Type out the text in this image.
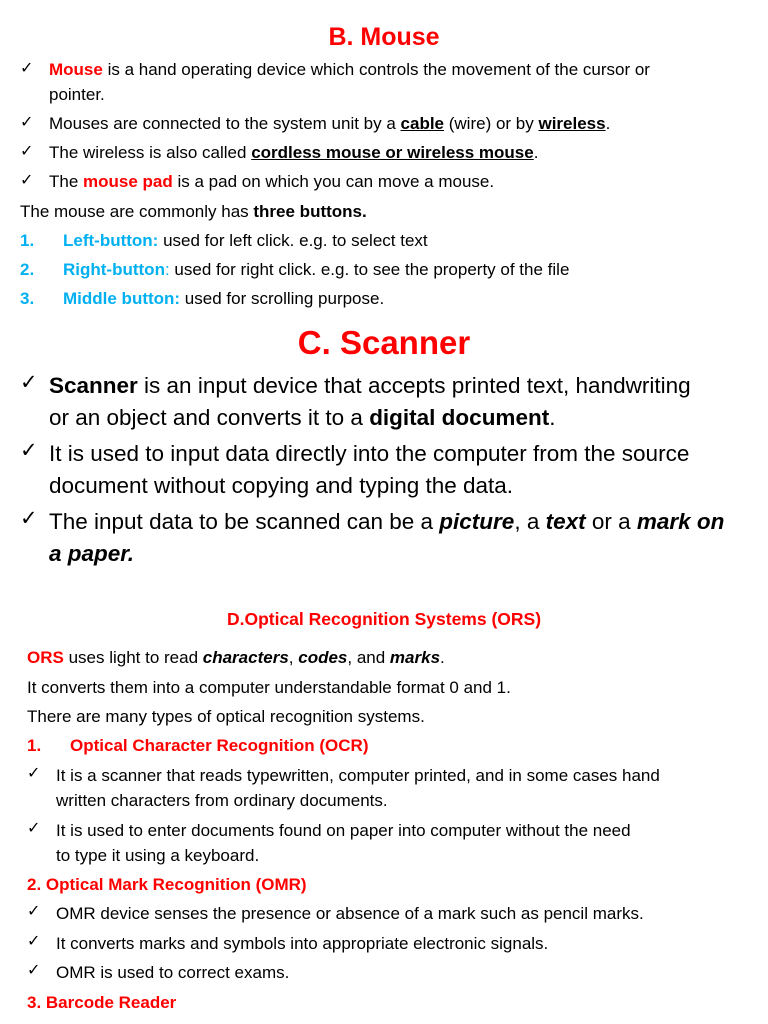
B. Mouse
✓ Mouse is a hand operating device which controls the movement of the cursor or
pointer.
✓ Mouses are connected to the system unit by a cable (wire) or by wireless.
✓ The wireless is also called cordless mouse or wireless mouse.
✓ The mouse pad is a pad on which you can move a mouse.
The mouse are commonly has three buttons.
1. Left-button: used for left click. e.g. to select text
2. Right-button: used for right click. e.g. to see the property of the file
3. Middle button: used for scrolling purpose.
C. Scanner
✓ Scanner is an input device that accepts printed text, handwriting
or an object and converts it to a digital document.
✓ It is used to input data directly into the computer from the source
document without copying and typing the data.
✓ The input data to be scanned can be a picture, a text or a mark on
a paper.
D.Optical Recognition Systems (ORS)
ORS uses light to read characters, codes, and marks.
It converts them into a computer understandable format 0 and 1.
There are many types of optical recognition systems.
1. Optical Character Recognition (OCR)
✓ It is a scanner that reads typewritten, computer printed, and in some cases hand
written characters from ordinary documents.
✓ It is used to enter documents found on paper into computer without the need
to type it using a keyboard.
2. Optical Mark Recognition (OMR)
✓ OMR device senses the presence or absence of a mark such as pencil marks.
✓ It converts marks and symbols into appropriate electronic signals.
✓ OMR is used to correct exams.
3. Barcode Reader
